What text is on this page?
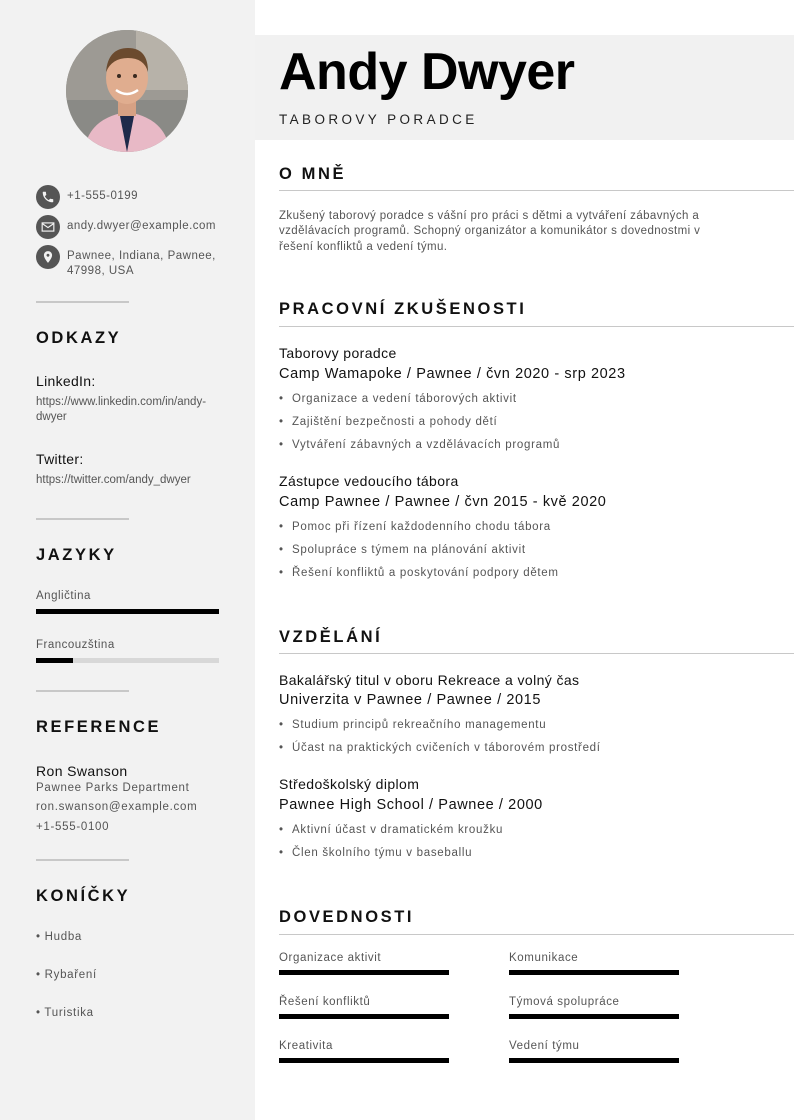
+1-555-0199
andy.dwyer@example.com
Pawnee, Indiana, Pawnee,
47998, USA
ODKAZY
LinkedIn:
https://www.linkedin.com/in/andy-
dwyer
Twitter:
https://twitter.com/andy_dwyer
JAZYKY
Angličtina
Francouzština
REFERENCE
Ron Swanson
Pawnee Parks Department
ron.swanson@example.com
+1-555-0100
KONÍČKY
• Hudba
• Rybaření
• Turistika
Andy Dwyer
TABOROVY PORADCE
O MNĚ
Zkušený taborový poradce s vášní pro práci s dětmi a vytváření zábavných a
vzdělávacích programů. Schopný organizátor a komunikátor s dovednostmi v
řešení konfliktů a vedení týmu.
PRACOVNÍ ZKUŠENOSTI
Taborovy poradce
Camp Wamapoke / Pawnee / čvn 2020 - srp 2023
• Organizace a vedení táborových aktivit
• Zajištění bezpečnosti a pohody dětí
• Vytváření zábavných a vzdělávacích programů
Zástupce vedoucího tábora
Camp Pawnee / Pawnee / čvn 2015 - kvě 2020
• Pomoc při řízení každodenního chodu tábora
• Spolupráce s týmem na plánování aktivit
• Řešení konfliktů a poskytování podpory dětem
VZDĚLÁNÍ
Bakalářský titul v oboru Rekreace a volný čas
Univerzita v Pawnee / Pawnee / 2015
• Studium principů rekreačního managementu
• Účast na praktických cvičeních v táborovém prostředí
Středoškolský diplom
Pawnee High School / Pawnee / 2000
• Aktivní účast v dramatickém kroužku
• Člen školního týmu v baseballu
DOVEDNOSTI
Organizace aktivit	Komunikace
Řešení konfliktů	Týmová spolupráce
Kreativita	Vedení týmu
